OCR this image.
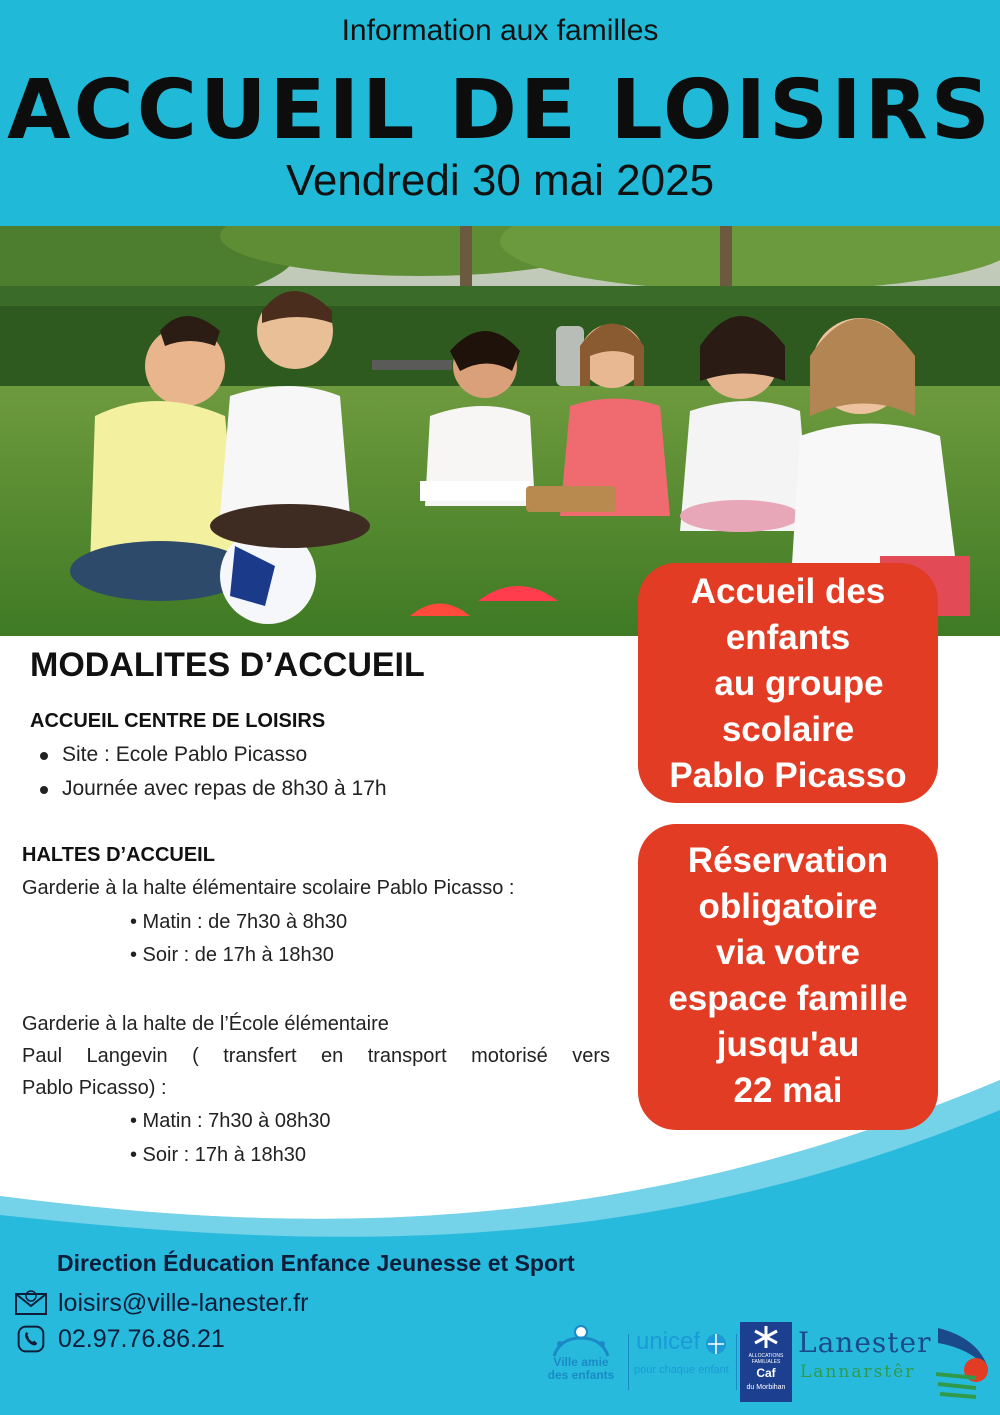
Information aux familles
ACCUEIL DE LOISIRS
Vendredi 30 mai 2025
MODALITES D’ACCUEIL
ACCUEIL CENTRE DE LOISIRS
Site : Ecole Pablo Picasso
Journée avec repas de 8h30 à 17h
HALTES D’ACCUEIL
Garderie à la halte élémentaire scolaire Pablo Picasso :
• Matin : de 7h30 à 8h30
• Soir : de 17h à 18h30
Garderie à la halte de l’École élémentaire
Paul Langevin ( transfert en transport motorisé vers
Pablo Picasso) :
• Matin : 7h30 à 08h30
• Soir : 17h à 18h30
Accueil des
enfants
au groupe
scolaire
Pablo Picasso
Réservation
obligatoire
via votre
espace famille
jusqu'au
22 mai
Direction Éducation Enfance Jeunesse et Sport
loisirs@ville-lanester.fr
02.97.76.86.21
Ville amie des enfants
unicef
pour chaque enfant
ALLOCATIONS FAMILIALES
Caf
du Morbihan
Lanester
Lannarstêr
